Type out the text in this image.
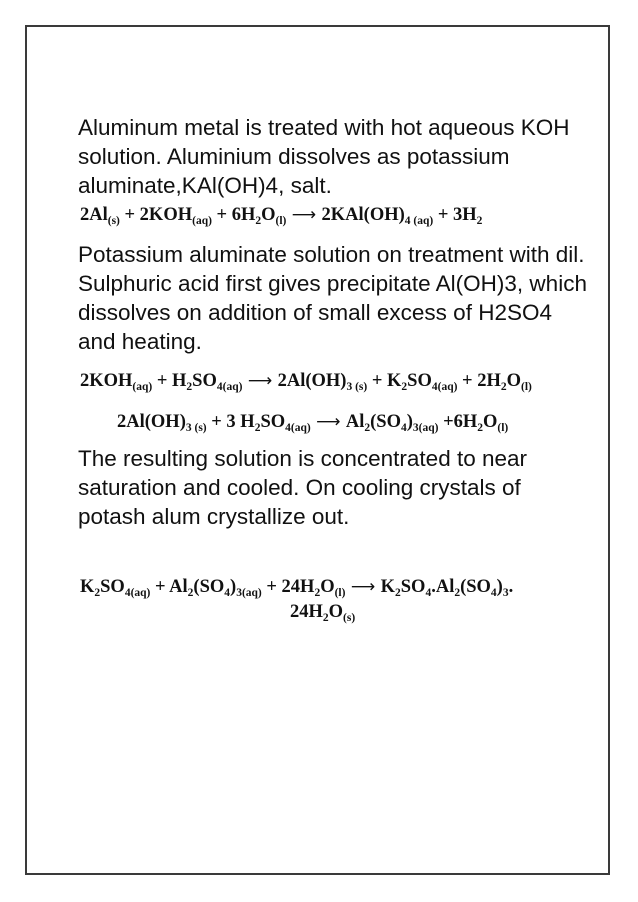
Aluminum metal is treated with hot aqueous KOH solution. Aluminium dissolves as potassium aluminate,KAl(OH)4, salt.

$2Al_{(s)} + 2KOH_{(aq)} + 6H_2O_{(l)}$ ⟶ $2KAl(OH)_{4 (aq)} + 3H_2$

Potassium aluminate solution on treatment with dil. Sulphuric acid first gives precipitate Al(OH)3, which dissolves on addition of small excess of H2SO4 and heating.

$2KOH_{(aq)} + H_2SO_{4(aq)}$ ⟶ $2Al(OH)_{3 (s)} + K_2SO_{4(aq)} + 2H_2O_{(l)}$
$2Al(OH)_{3 (s)} + 3$ $H_2SO_{4(aq)}$ ⟶ $Al_2(SO_4)_{3(aq)} +6H_2O_{(l)}$

The resulting solution is concentrated to near saturation and cooled. On cooling crystals of potash alum crystallize out.

$K_2SO_{4(aq)} + Al_2(SO_4)_{3(aq)} + 24H_2O_{(l)}$ ⟶ $K_2SO_4.Al_2(SO_4)_3$.
$24H_2O_{(s)}$
